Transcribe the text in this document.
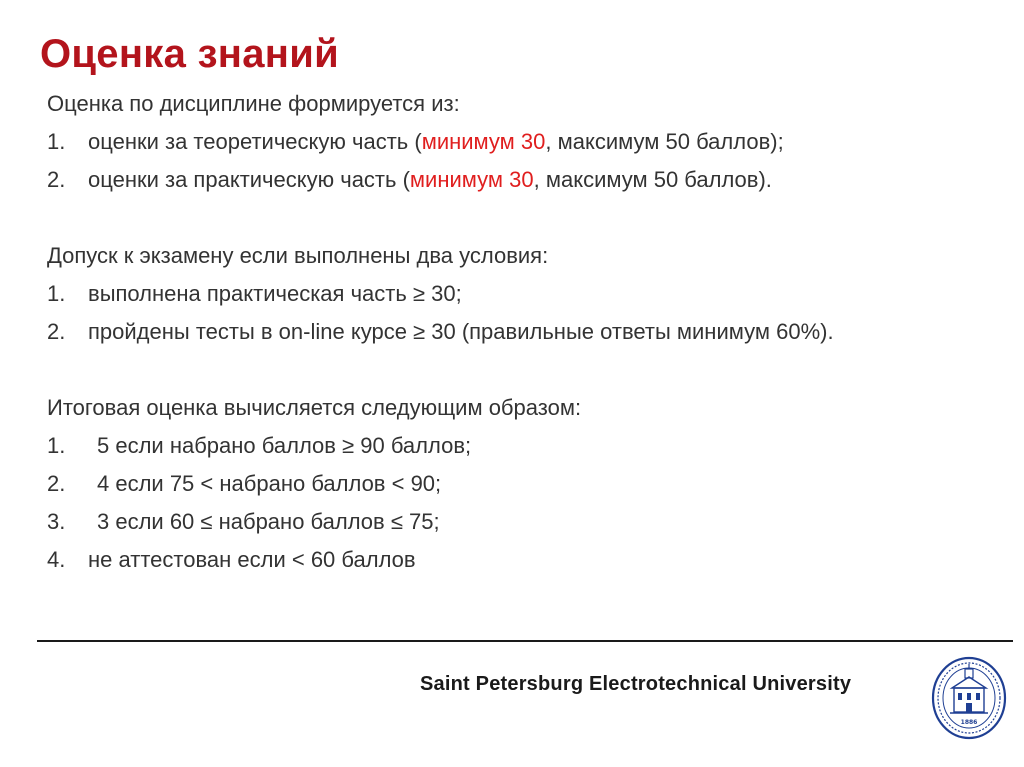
Оценка знаний
Оценка по дисциплине формируется из:
1. оценки за теоретическую часть (минимум 30, максимум 50 баллов);
2. оценки за практическую часть (минимум 30, максимум 50 баллов).
Допуск к экзамену если выполнены два условия:
1. выполнена практическая часть ≥ 30;
2. пройдены тесты в on-line курсе ≥ 30 (правильные ответы минимум 60%).
Итоговая оценка вычисляется следующим образом:
1. 5 если набрано баллов ≥ 90 баллов;
2. 4 если 75 < набрано баллов < 90;
3. 3 если 60 ≤ набрано баллов ≤ 75;
4. не аттестован если < 60 баллов
Saint Petersburg Electrotechnical University
1886
